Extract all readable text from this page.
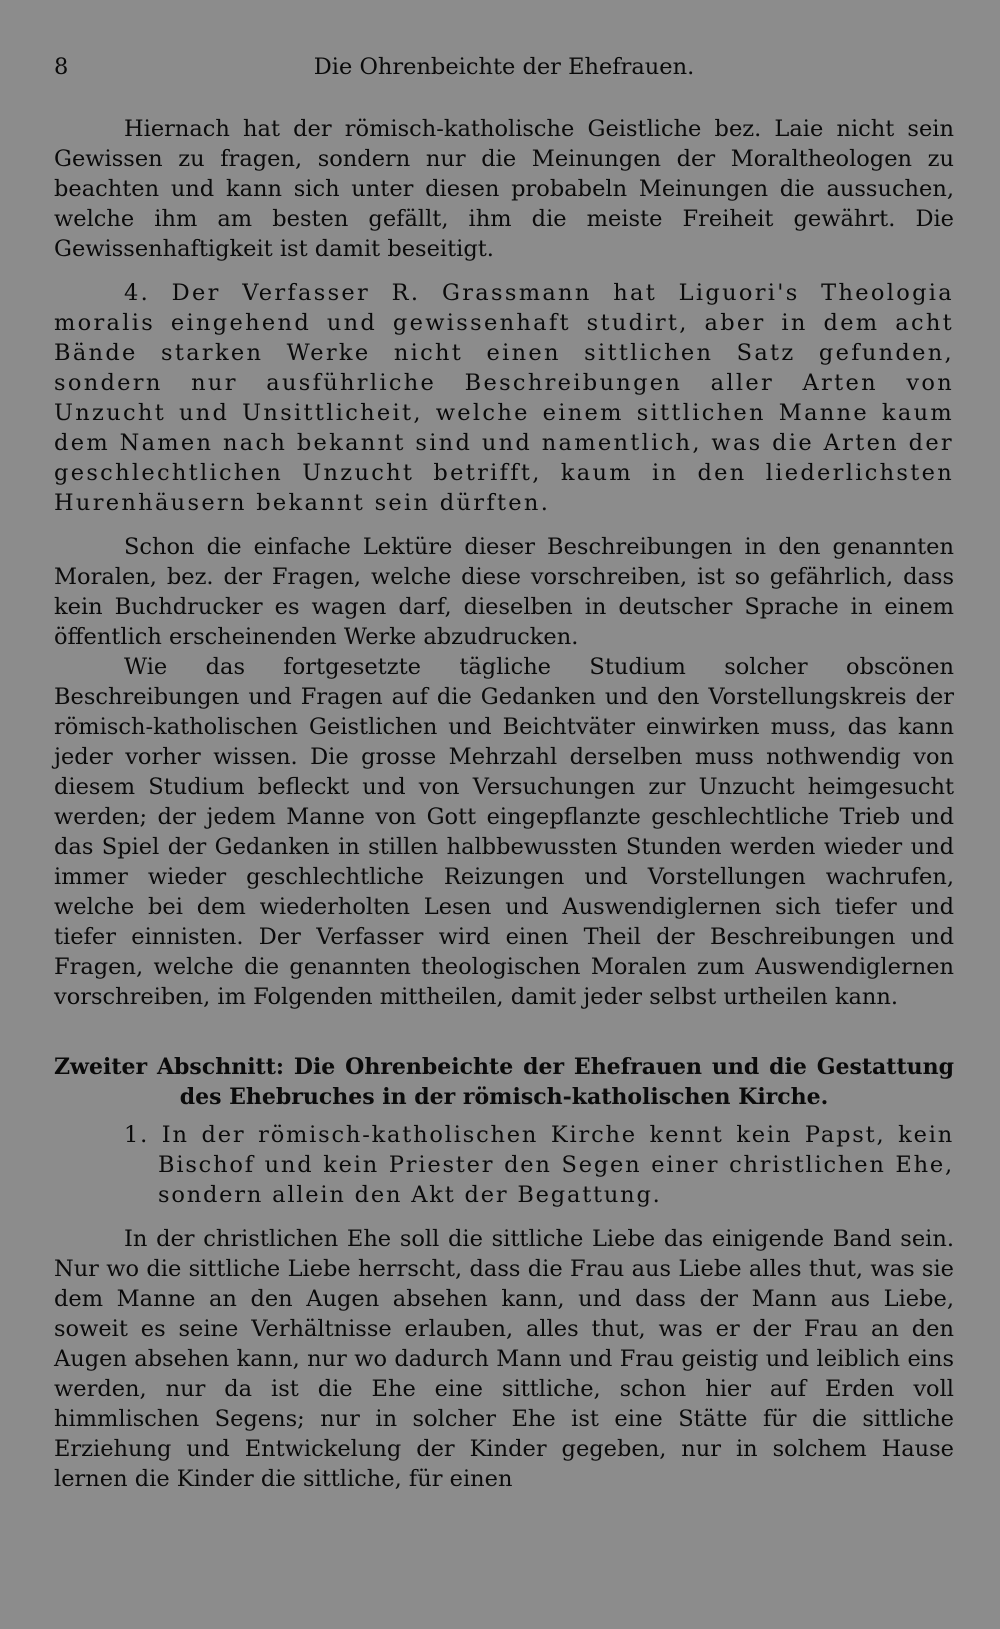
8	Die Ohrenbeichte der Ehefrauen.

Hiernach hat der römisch-katholische Geistliche bez. Laie nicht sein Gewissen zu fragen, sondern nur die Meinungen der Moraltheologen zu beachten und kann sich unter diesen probabeln Meinungen die aussuchen, welche ihm am besten gefällt, ihm die meiste Freiheit gewährt. Die Gewissenhaftigkeit ist damit beseitigt.

4. Der Verfasser R. Grassmann hat Liguori's Theologia moralis eingehend und gewissenhaft studirt, aber in dem acht Bände starken Werke nicht einen sittlichen Satz gefunden, sondern nur ausführliche Beschreibungen aller Arten von Unzucht und Unsittlicheit, welche einem sittlichen Manne kaum dem Namen nach bekannt sind und namentlich, was die Arten der geschlechtlichen Unzucht betrifft, kaum in den liederlichsten Hurenhäusern bekannt sein dürften.

Schon die einfache Lektüre dieser Beschreibungen in den genannten Moralen, bez. der Fragen, welche diese vorschreiben, ist so gefährlich, dass kein Buchdrucker es wagen darf, dieselben in deutscher Sprache in einem öffentlich erscheinenden Werke abzudrucken.

Wie das fortgesetzte tägliche Studium solcher obscönen Beschreibungen und Fragen auf die Gedanken und den Vorstellungskreis der römisch-katholischen Geistlichen und Beichtväter einwirken muss, das kann jeder vorher wissen. Die grosse Mehrzahl derselben muss nothwendig von diesem Studium befleckt und von Versuchungen zur Unzucht heimgesucht werden; der jedem Manne von Gott eingepflanzte geschlechtliche Trieb und das Spiel der Gedanken in stillen halbbewussten Stunden werden wieder und immer wieder geschlechtliche Reizungen und Vorstellungen wachrufen, welche bei dem wiederholten Lesen und Auswendiglernen sich tiefer und tiefer einnisten. Der Verfasser wird einen Theil der Beschreibungen und Fragen, welche die genannten theologischen Moralen zum Auswendiglernen vorschreiben, im Folgenden mittheilen, damit jeder selbst urtheilen kann.

Zweiter Abschnitt: Die Ohrenbeichte der Ehefrauen und die Gestattung
des Ehebruches in der römisch-katholischen Kirche.

1. In der römisch-katholischen Kirche kennt kein Papst, kein Bischof und kein Priester den Segen einer christlichen Ehe, sondern allein den Akt der Begattung.

In der christlichen Ehe soll die sittliche Liebe das einigende Band sein. Nur wo die sittliche Liebe herrscht, dass die Frau aus Liebe alles thut, was sie dem Manne an den Augen absehen kann, und dass der Mann aus Liebe, soweit es seine Verhältnisse erlauben, alles thut, was er der Frau an den Augen absehen kann, nur wo dadurch Mann und Frau geistig und leiblich eins werden, nur da ist die Ehe eine sittliche, schon hier auf Erden voll himmlischen Segens; nur in solcher Ehe ist eine Stätte für die sittliche Erziehung und Entwickelung der Kinder gegeben, nur in solchem Hause lernen die Kinder die sittliche, für einen
